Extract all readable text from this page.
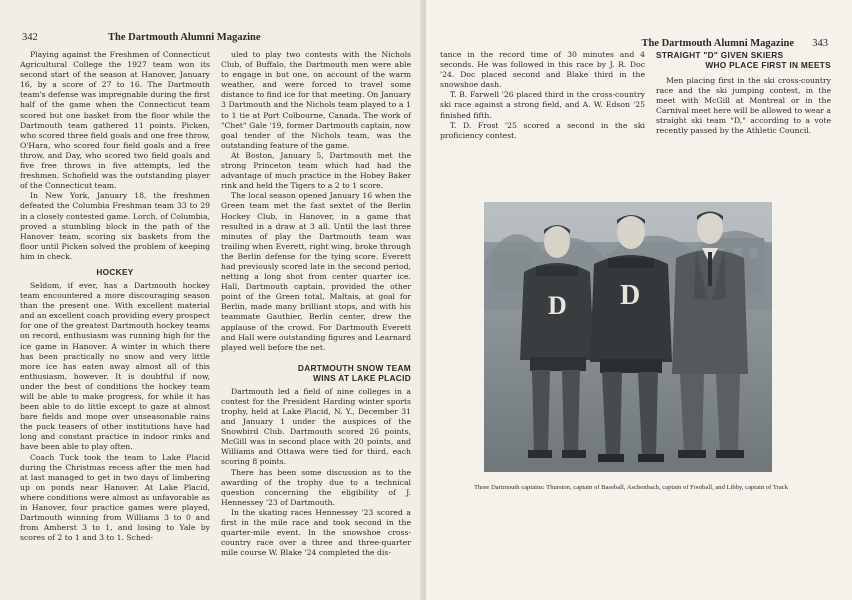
342	The Dartmouth Alumni Magazine

Playing against the Freshmen of Connecticut Agricultural College the 1927 team won its second start of the season at Hanover, January 16, by a score of 27 to 16. The Dartmouth team's defense was impregnable during the first half of the game when the Connecticut team scored but one basket from the floor while the Dartmouth team gathered 11 points. Picken, who scored three field goals and one free throw, O'Hara, who scored four field goals and a free throw, and Day, who scored two field goals and five free throws in five attempts, led the freshmen. Schofield was the outstanding player of the Connecticut team.

In New York, January 18, the freshmen defeated the Columbia Freshman team 33 to 29 in a closely contested game. Lorch, of Columbia, proved a stumbling block in the path of the Hanover team, scoring six baskets from the floor until Picken solved the problem of keeping him in check.

HOCKEY

Seldom, if ever, has a Dartmouth hockey team encountered a more discouraging season than the present one. With excellent material and an excellent coach providing every prospect for one of the greatest Dartmouth hockey teams on record, enthusiasm was running high for the ice game in Hanover. A winter in which there has been practically no snow and very little more ice has eaten away almost all of this enthusiasm, however. It is doubtful if now, under the best of conditions the hockey team will be able to make progress, for while it has been able to do little except to gaze at almost bare fields and mope over unseasonable rains the puck teasers of other institutions have had long and constant practice in indoor rinks and have been able to play often.

Coach Tuck took the team to Lake Placid during the Christmas recess after the men had at last managed to get in two days of limbering up on ponds near Hanover. At Lake Placid, where conditions were almost as unfavorable as in Hanover, four practice games were played, Dartmouth winning from Williams 3 to 0 and from Amherst 3 to 1, and losing to Yale by scores of 2 to 1 and 3 to 1. Sched-

uled to play two contests with the Nichols Club, of Buffalo, the Dartmouth men were able to engage in but one, on account of the warm weather, and were forced to travel some distance to find ice for that meeting. On January 3 Dartmouth and the Nichols team played to a 1 to 1 tie at Port Colbourne, Canada. The work of "Chet" Gale '19, former Dartmouth captain, now goal tender of the Nichols team, was the outstanding feature of the game.

At Boston, January 5, Dartmouth met the strong Princeton team which had had the advantage of much practice in the Hobey Baker rink and held the Tigers to a 2 to 1 score.

The local season opened January 16 when the Green team met the fast sextet of the Berlin Hockey Club, in Hanover, in a game that resulted in a draw at 3 all. Until the last three minutes of play the Dartmouth team was trailing when Everett, right wing, broke through the Berlin defense for the tying score. Everett had previously scored late in the second period, netting a long shot from center quarter ice. Hall, Dartmouth captain, provided the other point of the Green total, Maltais, at goal for Berlin, made many brilliant stops, and with his teammate Gauthier, Berlin center, drew the applause of the crowd. For Dartmouth Everett and Hall were outstanding figures and Learnard played well before the net.

DARTMOUTH SNOW TEAM
WINS AT LAKE PLACID

Dartmouth led a field of nine colleges in a contest for the President Harding winter sports trophy, held at Lake Placid, N. Y., December 31 and January 1 under the auspices of the Snowbird Club. Dartmouth scored 26 points, McGill was in second place with 20 points, and Williams and Ottawa were tied for third, each scoring 8 points.

There has been some discussion as to the awarding of the trophy due to a technical question concerning the eligibility of J. Hennessey '23 of Dartmouth.

In the skating races Hennessey '23 scored a first in the mile race and took second in the quarter-mile event. In the snowshoe cross-country race over a three and three-quarter mile course W. Blake '24 completed the dis-

The Dartmouth Alumni Magazine 343

tance in the record time of 30 minutes and 4 seconds. He was followed in this race by J. R. Doc '24. Doc placed second and Blake third in the snowshoe dash.

T. B. Farwell '26 placed third in the cross-country ski race against a strong field, and A. W. Edson '25 finished fifth.

T. D. Frost '25 scored a second in the ski proficiency contest.

STRAIGHT "D" GIVEN SKIERS
WHO PLACE FIRST IN MEETS

Men placing first in the ski cross-country race and the ski jumping contest, in the meet with McGill at Montreal or in the Carnival meet here will be allowed to wear a straight ski team "D," according to a vote recently passed by the Athletic Council.

D D
Three Dartmouth captains: Thurston, captain of Baseball, Aschenbach, captain of Football, and Libby, captain of Track
